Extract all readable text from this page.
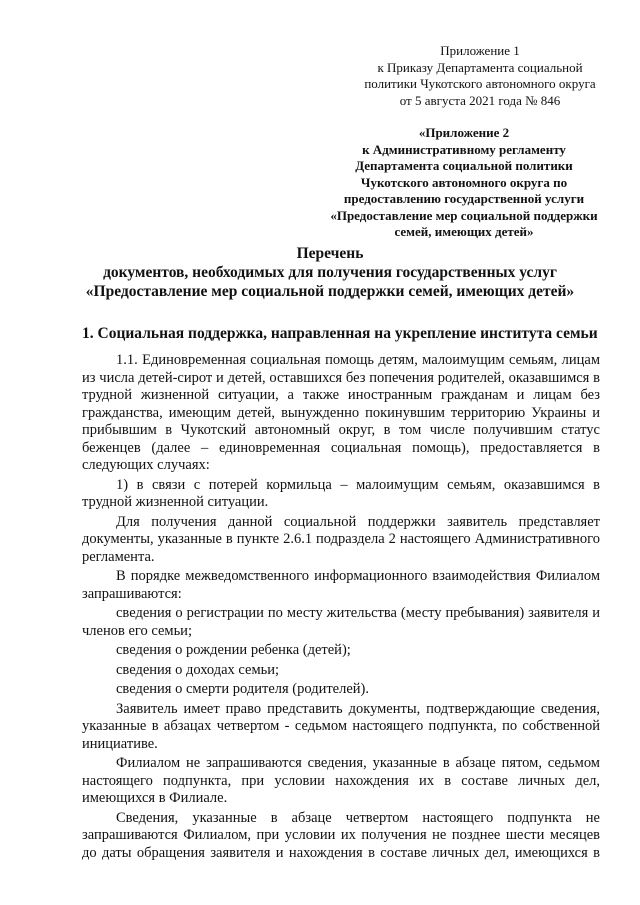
Приложение 1
к Приказу Департамента социальной
политики Чукотского автономного округа
от 5 августа 2021 года № 846
«Приложение 2
к Административному регламенту
Департамента социальной политики
Чукотского автономного округа по
предоставлению государственной услуги
«Предоставление мер социальной поддержки
семей, имеющих детей»
Перечень
документов, необходимых для получения государственных услуг
«Предоставление мер социальной поддержки семей, имеющих детей»
1. Социальная поддержка, направленная на укрепление института семьи

1.1. Единовременная социальная помощь детям, малоимущим семьям, лицам из числа детей-сирот и детей, оставшихся без попечения родителей, оказавшимся в трудной жизненной ситуации, а также иностранным гражданам и лицам без гражданства, имеющим детей, вынужденно покинувшим территорию Украины и прибывшим в Чукотский автономный округ, в том числе получившим статус беженцев (далее – единовременная социальная помощь), предоставляется в следующих случаях:

1) в связи с потерей кормильца – малоимущим семьям, оказавшимся в трудной жизненной ситуации.

Для получения данной социальной поддержки заявитель представляет документы, указанные в пункте 2.6.1 подраздела 2 настоящего Административного регламента.

В порядке межведомственного информационного взаимодействия Филиалом запрашиваются:

сведения о регистрации по месту жительства (месту пребывания) заявителя и членов его семьи;

сведения о рождении ребенка (детей);

сведения о доходах семьи;

сведения о смерти родителя (родителей).

Заявитель имеет право представить документы, подтверждающие сведения, указанные в абзацах четвертом - седьмом настоящего подпункта, по собственной инициативе.

Филиалом не запрашиваются сведения, указанные в абзаце пятом, седьмом настоящего подпункта, при условии нахождения их в составе личных дел, имеющихся в Филиале.

Сведения, указанные в абзаце четвертом настоящего подпункта не запрашиваются Филиалом, при условии их получения не позднее шести месяцев до даты обращения заявителя и нахождения в составе личных дел, имеющихся в
